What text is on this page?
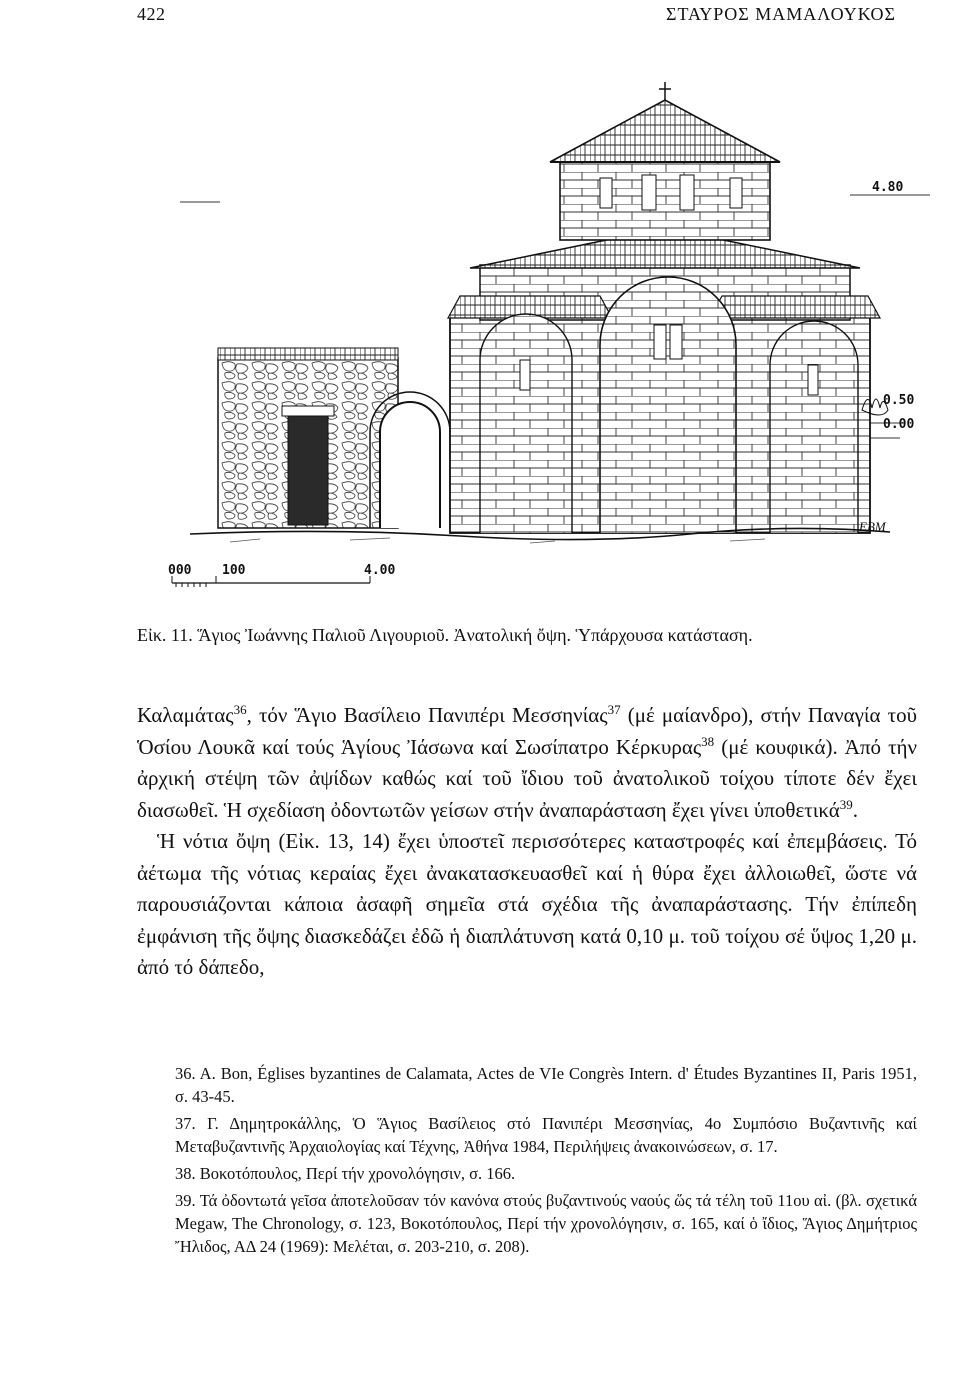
422	ΣΤΑΥΡΟΣ ΜΑΜΑΛΟΥΚΟΣ
4.80
0.50
0.00
ΕΒΜ
000 100	4.00
Εἰκ. 11. Ἅγιος Ἰωάννης Παλιοῦ Λιγουριοῦ. Ἀνατολική ὄψη. Ὑπάρχουσα κατάσταση.

Καλαμάτας$^{36}$, τόν Ἅγιο Βασίλειο Πανιπέρι Μεσσηνίας$^{37}$ (μέ μαίανδρο), στήν Παναγία τοῦ Ὁσίου Λουκᾶ καί τούς Ἁγίους Ἰάσωνα καί Σωσίπατρο Κέρκυρας$^{38}$ (μέ κουφικά). Ἀπό τήν ἀρχική στέψη τῶν ἀψίδων καθώς καί τοῦ ἴδιου τοῦ ἀνατολικοῦ τοίχου τίποτε δέν ἔχει διασωθεῖ. Ἡ σχεδίαση ὀδοντωτῶν γείσων στήν ἀναπαράσταση ἔχει γίνει ὑποθετικά$^{39}$.

Ἡ νότια ὄψη (Εἰκ. 13, 14) ἔχει ὑποστεῖ περισσότερες καταστροφές καί ἐπεμβάσεις. Τό ἀέτωμα τῆς νότιας κεραίας ἔχει ἀνακατασκευασθεῖ καί ἡ θύρα ἔχει ἀλλοιωθεῖ, ὥστε νά παρουσιάζονται κάποια ἀσαφῆ σημεῖα στά σχέδια τῆς ἀναπαράστασης. Τήν ἐπίπεδη ἐμφάνιση τῆς ὄψης διασκεδάζει ἐδῶ ἡ διαπλάτυνση κατά 0,10 μ. τοῦ τοίχου σέ ὕψος 1,20 μ. ἀπό τό δάπεδο,

36. A. Bon, Églises byzantines de Calamata, Actes de VIe Congrès Intern. d' Études Byzantines II, Paris 1951, σ. 43-45.

37. Γ. Δημητροκάλλης, Ὁ Ἅγιος Βασίλειος στό Πανιπέρι Μεσσηνίας, 4ο Συμπόσιο Βυζαντινῆς καί Μεταβυζαντινῆς Ἀρχαιολογίας καί Τέχνης, Ἀθήνα 1984, Περιλήψεις ἀνακοινώσεων, σ. 17.

38. Βοκοτόπουλος, Περί τήν χρονολόγησιν, σ. 166.

39. Τά ὀδοντωτά γεῖσα ἀποτελοῦσαν τόν κανόνα στούς βυζαντινούς ναούς ὥς τά τέλη τοῦ 11ου αἰ. (βλ. σχετικά Megaw, The Chronology, σ. 123, Βοκοτόπουλος, Περί τήν χρονολόγησιν, σ. 165, καί ὁ ἴδιος, Ἅγιος Δημήτριος Ἤλιδος, ΑΔ 24 (1969): Μελέται, σ. 203-210, σ. 208).
